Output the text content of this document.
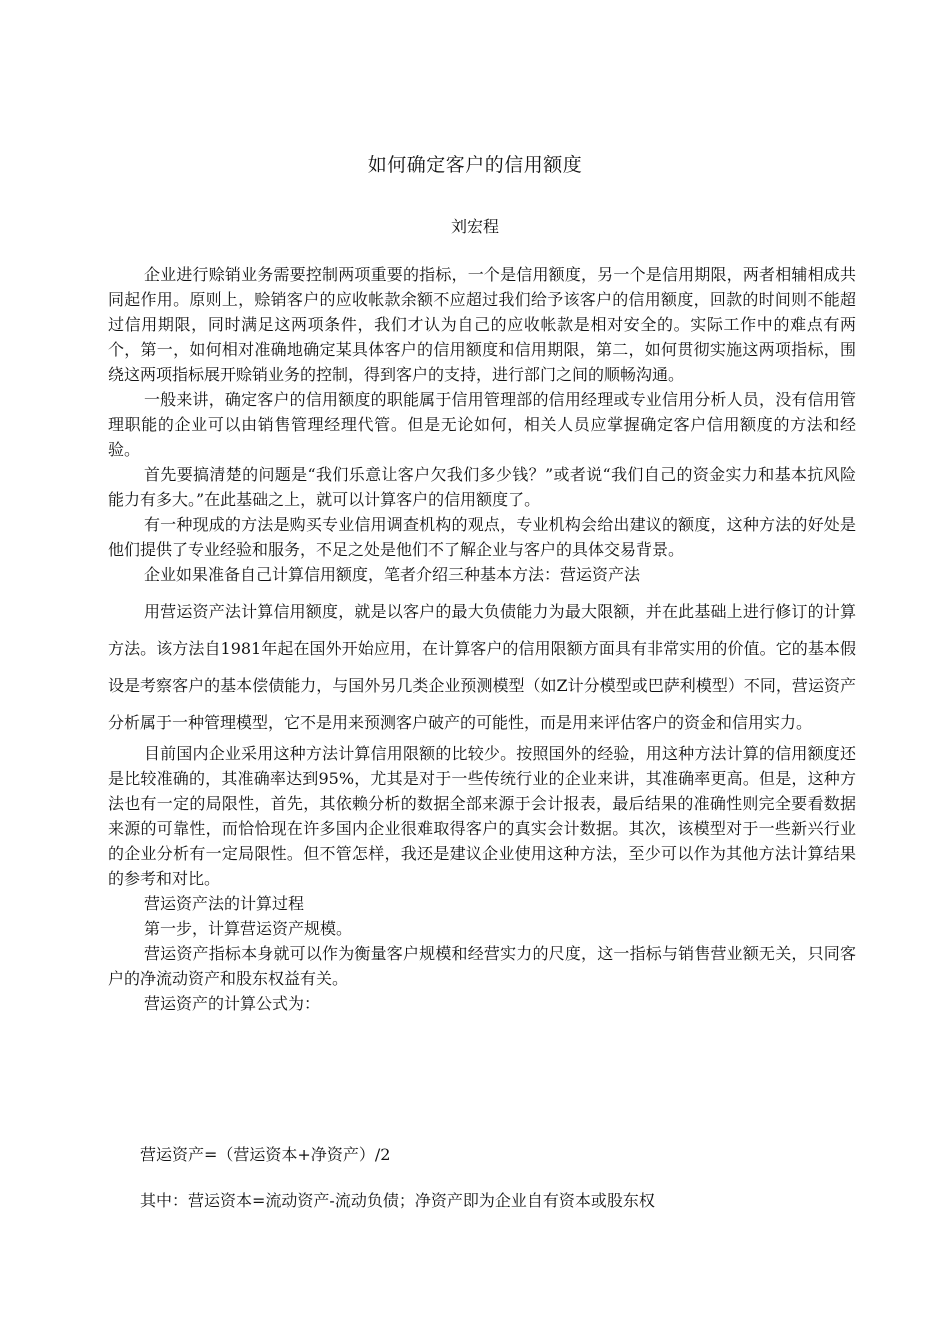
如何确定客户的信用额度
刘宏程

企业进行赊销业务需要控制两项重要的指标，一个是信用额度，另一个是信用期限，两者相辅相成共同起作用。原则上，赊销客户的应收帐款余额不应超过我们给予该客户的信用额度，回款的时间则不能超过信用期限，同时满足这两项条件，我们才认为自己的应收帐款是相对安全的。实际工作中的难点有两个，第一，如何相对准确地确定某具体客户的信用额度和信用期限，第二，如何贯彻实施这两项指标，围绕这两项指标展开赊销业务的控制，得到客户的支持，进行部门之间的顺畅沟通。

一般来讲，确定客户的信用额度的职能属于信用管理部的信用经理或专业信用分析人员，没有信用管理职能的企业可以由销售管理经理代管。但是无论如何，相关人员应掌握确定客户信用额度的方法和经验。

首先要搞清楚的问题是“我们乐意让客户欠我们多少钱？”或者说“我们自己的资金实力和基本抗风险能力有多大。”在此基础之上，就可以计算客户的信用额度了。

有一种现成的方法是购买专业信用调查机构的观点，专业机构会给出建议的额度，这种方法的好处是他们提供了专业经验和服务，不足之处是他们不了解企业与客户的具体交易背景。

企业如果准备自己计算信用额度，笔者介绍三种基本方法：营运资产法

用营运资产法计算信用额度，就是以客户的最大负债能力为最大限额，并在此基础上进行修订的计算方法。该方法自1981年起在国外开始应用，在计算客户的信用限额方面具有非常实用的价值。它的基本假设是考察客户的基本偿债能力，与国外另几类企业预测模型（如Z计分模型或巴萨利模型）不同，营运资产分析属于一种管理模型，它不是用来预测客户破产的可能性，而是用来评估客户的资金和信用实力。

目前国内企业采用这种方法计算信用限额的比较少。按照国外的经验，用这种方法计算的信用额度还是比较准确的，其准确率达到95%，尤其是对于一些传统行业的企业来讲，其准确率更高。但是，这种方法也有一定的局限性，首先，其依赖分析的数据全部来源于会计报表，最后结果的准确性则完全要看数据来源的可靠性，而恰恰现在许多国内企业很难取得客户的真实会计数据。其次，该模型对于一些新兴行业的企业分析有一定局限性。但不管怎样，我还是建议企业使用这种方法，至少可以作为其他方法计算结果的参考和对比。

营运资产法的计算过程

第一步，计算营运资产规模。

营运资产指标本身就可以作为衡量客户规模和经营实力的尺度，这一指标与销售营业额无关，只同客户的净流动资产和股东权益有关。

营运资产的计算公式为：

营运资产=（营运资本+净资产）/2
其中：营运资本=流动资产-流动负债；净资产即为企业自有资本或股东权
